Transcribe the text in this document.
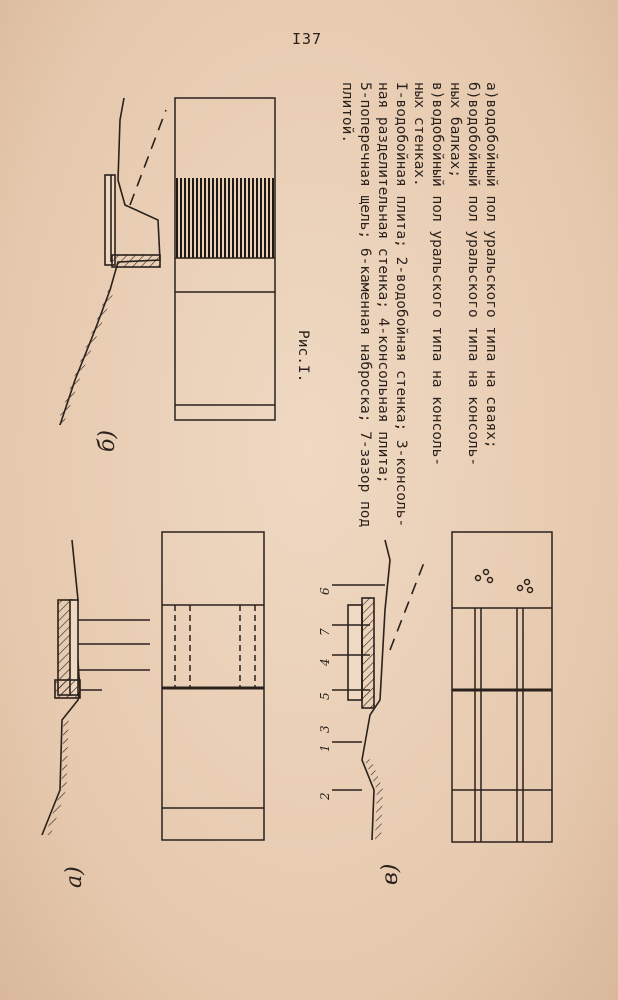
I37
а)
б)
в)
2
1
3
5
4
7
6
Рис.I.	а)водобойный пол уральского типа на сваях;
б)водобойный пол уральского типа на консоль-
ных балках;
в)водобойный пол уральского типа на консоль-
ных стенках.
I-водобойная плита; 2-водобойная стенка; 3-консоль-
ная разделительная стенка; 4-консольная плита;
5-поперечная щель; 6-каменная наброска; 7-зазор под
плитой.
